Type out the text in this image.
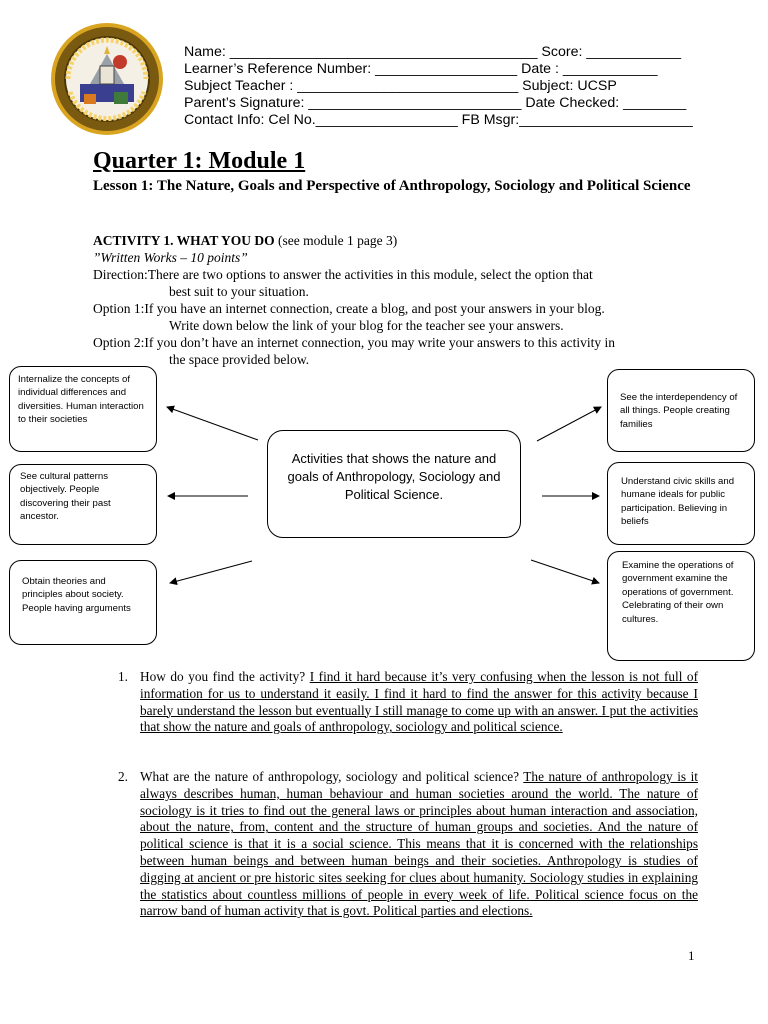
Name: _______________________________________ Score: ____________
Learner’s Reference Number: __________________ Date : ____________
Subject Teacher : ____________________________ Subject: UCSP
Parent’s Signature: ___________________________ Date Checked: ________
Contact Info: Cel No.__________________ FB Msgr:______________________
Quarter 1: Module 1
Lesson 1: The Nature, Goals and Perspective of Anthropology, Sociology and Political Science
ACTIVITY 1. WHAT YOU DO (see module 1 page 3)
”Written Works – 10 points”
Direction: There are two options to answer the activities in this module, select the option that
best suit to your situation.
Option 1: If you have an internet connection, create a blog, and post your answers in your blog.
Write down below the link of your blog for the teacher see your answers.
Option 2: If you don’t have an internet connection, you may write your answers to this activity in
the space provided below.
Internalize the concepts of individual differences and diversities. Human interaction to their societies
See cultural patterns objectively. People discovering their past ancestor.
Obtain theories and principles about society. People having arguments
Activities that shows the nature and goals of Anthropology, Sociology and Political Science.
See the interdependency of all things. People creating families
Understand civic skills and humane ideals for public participation. Believing in beliefs
Examine the operations of government examine the operations of government. Celebrating of their own cultures.
1. How do you find the activity? I find it hard because it’s very confusing when the lesson is not full of information for us to understand it easily. I find it hard to find the answer for this activity because I barely understand the lesson but eventually I still manage to come up with an answer. I put the activities that show the nature and goals of anthropology, sociology and political science.
2. What are the nature of anthropology, sociology and political science? The nature of anthropology is it always describes human, human behaviour and human societies around the world. The nature of sociology is it tries to find out the general laws or principles about human interaction and association, about the nature, from, content and the structure of human groups and societies. And the nature of political science is that it is a social science. This means that it is concerned with the relationships between human beings and between human beings and their societies. Anthropology is studies of digging at ancient or pre historic sites seeking for clues about humanity. Sociology studies in explaining the statistics about countless millions of people in every week of life. Political science focus on the narrow band of human activity that is govt. Political parties and elections.
1
